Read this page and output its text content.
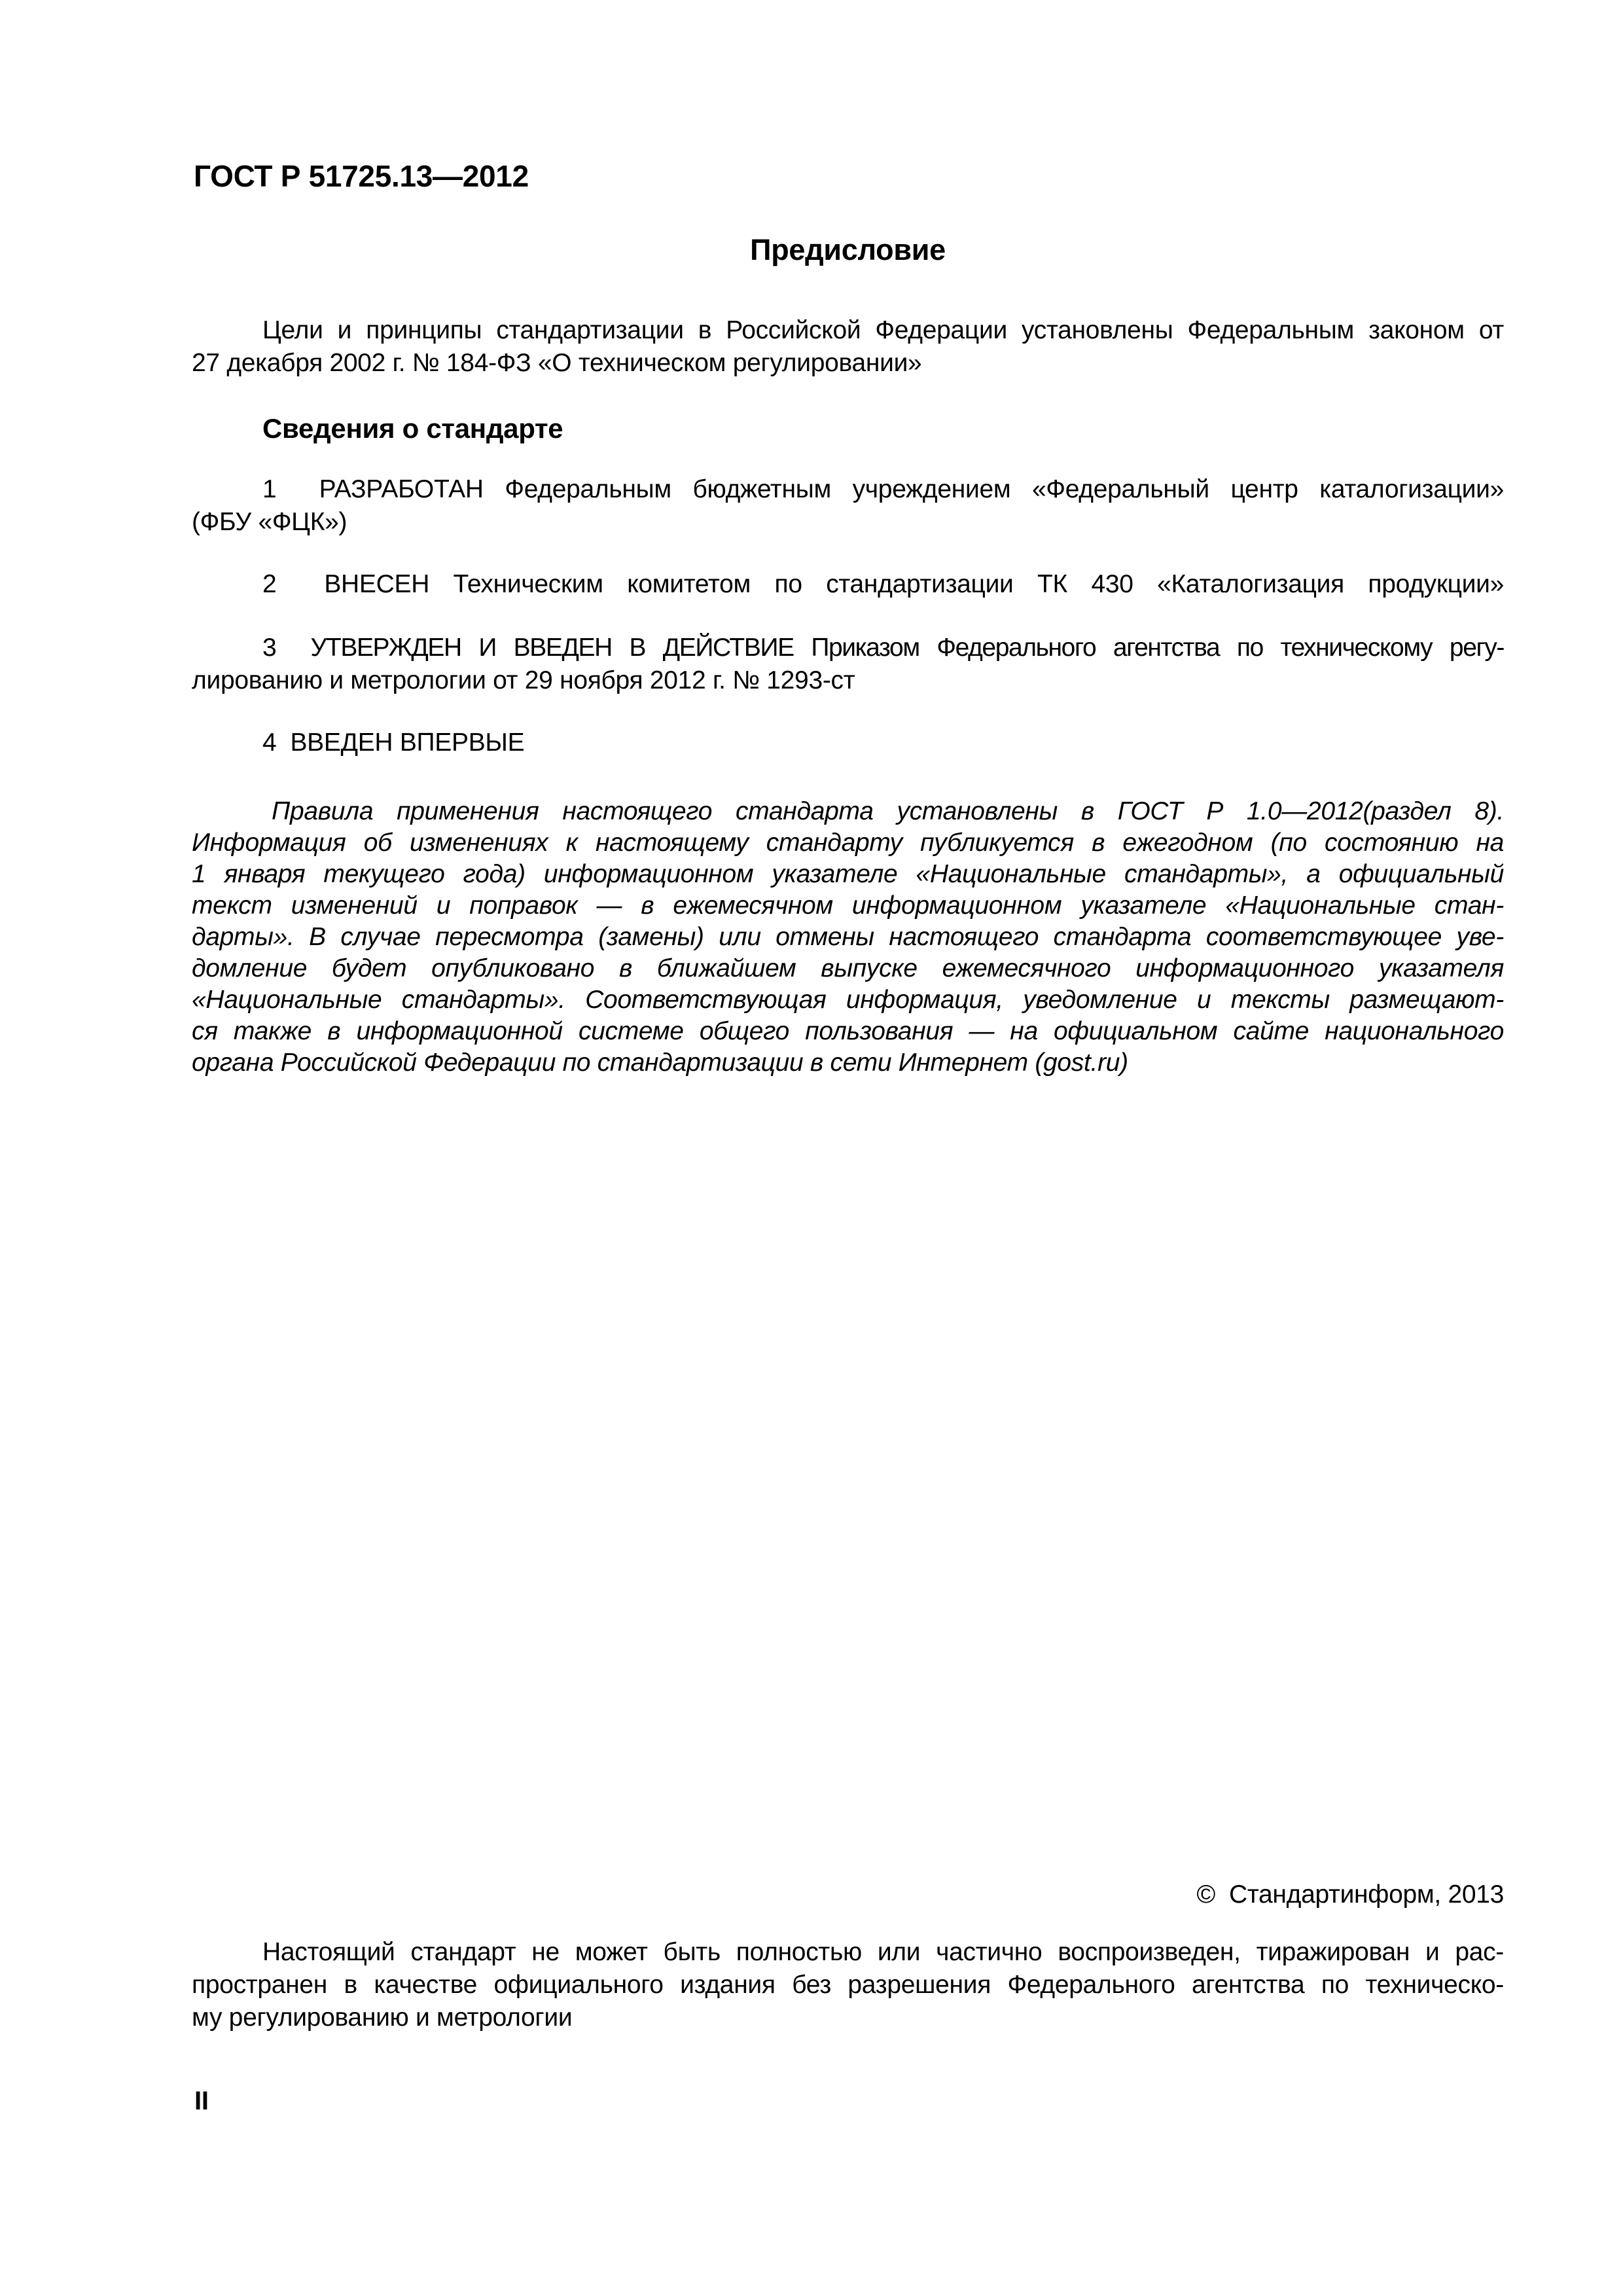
ГОСТ Р 51725.13—2012
Предисловие
Цели и принципы стандартизации в Российской Федерации установлены Федеральным законом от
27 декабря 2002 г. № 184-ФЗ «О техническом регулировании»
Сведения о стандарте
1  РАЗРАБОТАН Федеральным бюджетным учреждением «Федеральный центр каталогизации»
(ФБУ «ФЦК»)
2  ВНЕСЕН Техническим комитетом по стандартизации ТК 430 «Каталогизация продукции»
3  УТВЕРЖДЕН И ВВЕДЕН В ДЕЙСТВИЕ Приказом Федерального агентства по техническому регу-
лированию и метрологии от 29 ноября 2012 г. № 1293-ст
4  ВВЕДЕН ВПЕРВЫЕ
Правила применения настоящего стандарта установлены в ГОСТ Р 1.0—2012(раздел 8).
Информация об изменениях к настоящему стандарту публикуется в ежегодном (по состоянию на
1 января текущего года) информационном указателе «Национальные стандарты», а официальный
текст изменений и поправок — в ежемесячном информационном указателе «Национальные стан-
дарты». В случае пересмотра (замены) или отмены настоящего стандарта соответствующее уве-
домление будет опубликовано в ближайшем выпуске ежемесячного информационного указателя
«Национальные стандарты». Соответствующая информация, уведомление и тексты размещают-
ся также в информационной системе общего пользования — на официальном сайте национального
органа Российской Федерации по стандартизации в сети Интернет (gost.ru)
©  Стандартинформ, 2013
Настоящий стандарт не может быть полностью или частично воспроизведен, тиражирован и рас-
пространен в качестве официального издания без разрешения Федерального агентства по техническо-
му регулированию и метрологии
II
